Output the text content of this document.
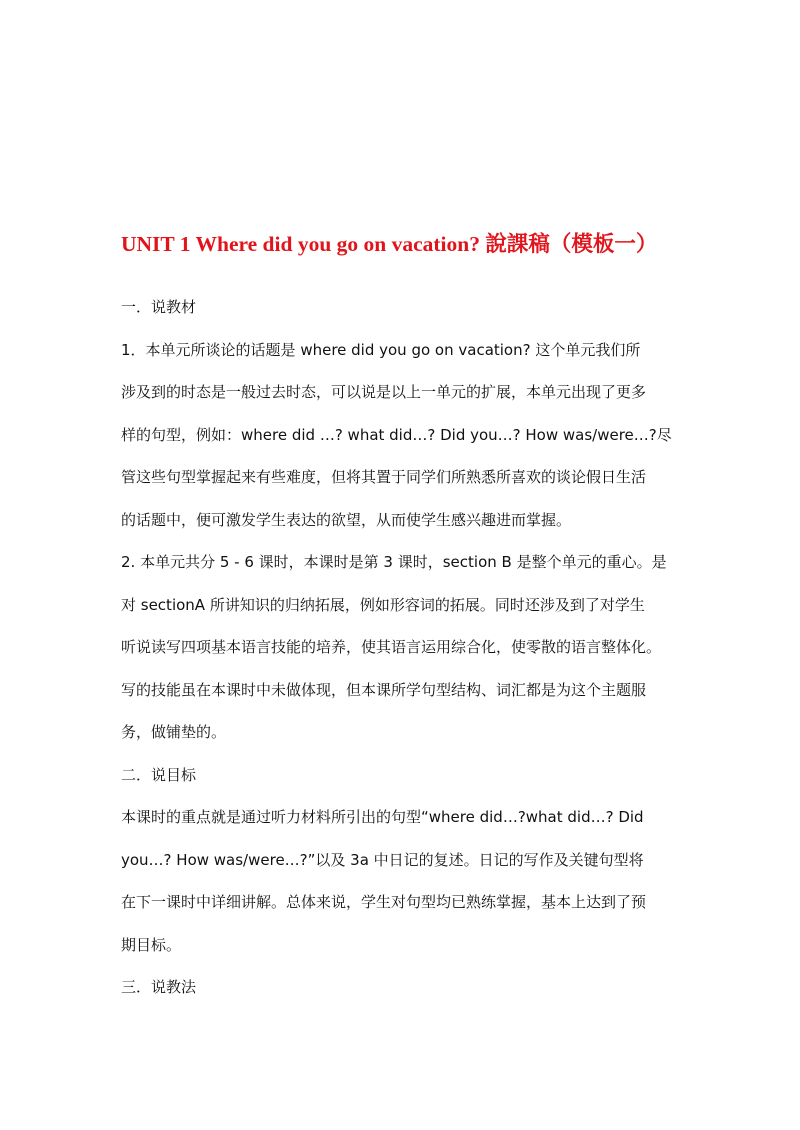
UNIT 1 Where did you go on vacation? 說課稿（模板一）
一．说教材
1．本单元所谈论的话题是 where did you go on vacation? 这个单元我们所
涉及到的时态是一般过去时态，可以说是以上一单元的扩展，本单元出现了更多
样的句型，例如：where did …? what did…? Did you…? How was/were…?尽
管这些句型掌握起来有些难度，但将其置于同学们所熟悉所喜欢的谈论假日生活
的话题中，便可激发学生表达的欲望，从而使学生感兴趣进而掌握。
2. 本单元共分 5 - 6 课时，本课时是第 3 课时，section B 是整个单元的重心。是
对 sectionA 所讲知识的归纳拓展，例如形容词的拓展。同时还涉及到了对学生
听说读写四项基本语言技能的培养，使其语言运用综合化，使零散的语言整体化。
写的技能虽在本课时中未做体现，但本课所学句型结构、词汇都是为这个主题服
务，做铺垫的。
二．说目标
本课时的重点就是通过听力材料所引出的句型“where did…?what did…? Did
you…? How was/were…?”以及 3a 中日记的复述。日记的写作及关键句型将
在下一课时中详细讲解。总体来说，学生对句型均已熟练掌握，基本上达到了预
期目标。
三．说教法
